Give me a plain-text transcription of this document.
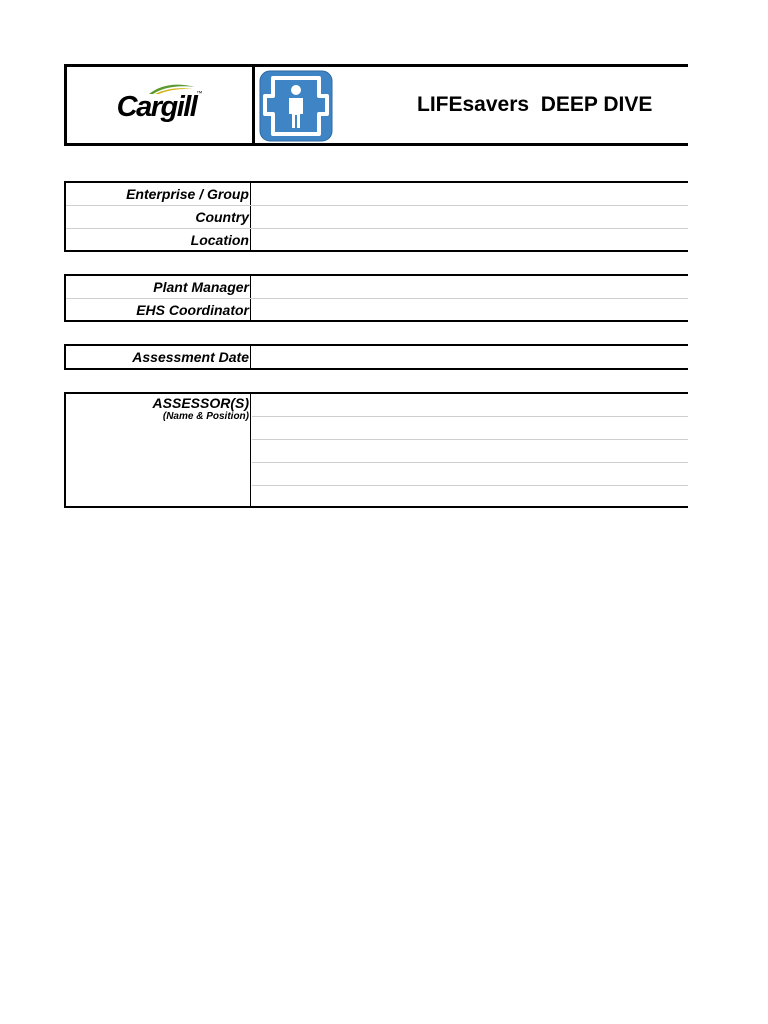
Cargill™	LIFEsavers  DEEP DIVE
Enterprise / Group
Country
Location
Plant Manager
EHS Coordinator
Assessment Date
ASSESSOR(S)
(Name & Position)
